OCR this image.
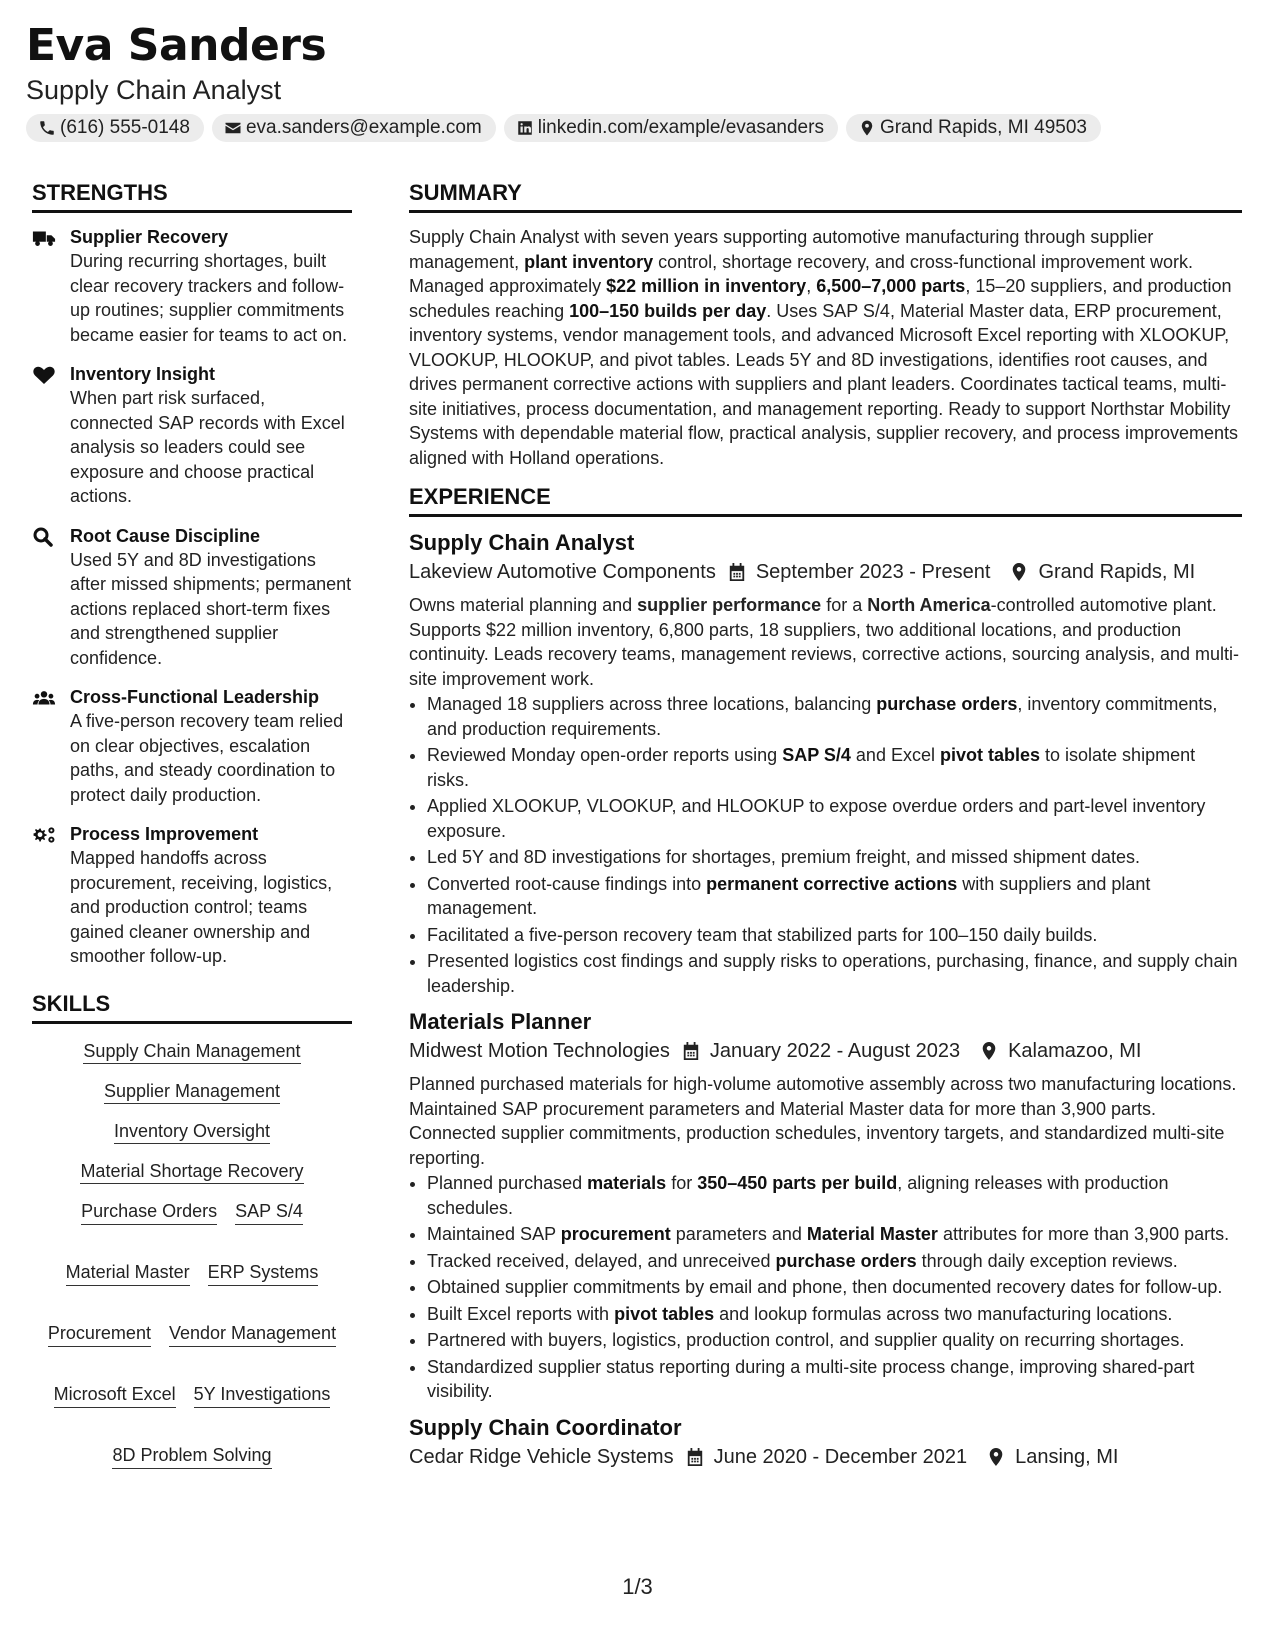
Eva Sanders
Supply Chain Analyst
(616) 555-0148	eva.sanders@example.com	linkedin.com/example/evasanders	Grand Rapids, MI 49503
STRENGTHS
Supplier Recovery
During recurring shortages, built clear recovery trackers and follow-up routines; supplier commitments became easier for teams to act on.
Inventory Insight
When part risk surfaced, connected SAP records with Excel analysis so leaders could see exposure and choose practical actions.
Root Cause Discipline
Used 5Y and 8D investigations after missed shipments; permanent actions replaced short-term fixes and strengthened supplier confidence.
Cross-Functional Leadership
A five-person recovery team relied on clear objectives, escalation paths, and steady coordination to protect daily production.
Process Improvement
Mapped handoffs across procurement, receiving, logistics, and production control; teams gained cleaner ownership and smoother follow-up.
SKILLS
Supply Chain Management
Supplier Management
Inventory Oversight
Material Shortage Recovery
Purchase Orders SAP S/4
Material Master ERP Systems
Procurement Vendor Management
Microsoft Excel 5Y Investigations
8D Problem Solving
SUMMARY

Supply Chain Analyst with seven years supporting automotive manufacturing through supplier management, plant inventory control, shortage recovery, and cross-functional improvement work. Managed approximately $22 million in inventory, 6,500–7,000 parts, 15–20 suppliers, and production schedules reaching 100–150 builds per day. Uses SAP S/4, Material Master data, ERP procurement, inventory systems, vendor management tools, and advanced Microsoft Excel reporting with XLOOKUP, VLOOKUP, HLOOKUP, and pivot tables. Leads 5Y and 8D investigations, identifies root causes, and drives permanent corrective actions with suppliers and plant leaders. Coordinates tactical teams, multi-site initiatives, process documentation, and management reporting. Ready to support Northstar Mobility Systems with dependable material flow, practical analysis, supplier recovery, and process improvements aligned with Holland operations.

EXPERIENCE
Supply Chain Analyst
Lakeview Automotive Components September 2023 - Present Grand Rapids, MI

Owns material planning and supplier performance for a North America-controlled automotive plant. Supports $22 million inventory, 6,800 parts, 18 suppliers, two additional locations, and production continuity. Leads recovery teams, management reviews, corrective actions, sourcing analysis, and multi-site improvement work.

• Managed 18 suppliers across three locations, balancing purchase orders, inventory commitments, and production requirements.
• Reviewed Monday open-order reports using SAP S/4 and Excel pivot tables to isolate shipment risks.
• Applied XLOOKUP, VLOOKUP, and HLOOKUP to expose overdue orders and part-level inventory exposure.
• Led 5Y and 8D investigations for shortages, premium freight, and missed shipment dates.
• Converted root-cause findings into permanent corrective actions with suppliers and plant management.
• Facilitated a five-person recovery team that stabilized parts for 100–150 daily builds.
• Presented logistics cost findings and supply risks to operations, purchasing, finance, and supply chain leadership.
Materials Planner
Midwest Motion Technologies January 2022 - August 2023 Kalamazoo, MI

Planned purchased materials for high-volume automotive assembly across two manufacturing locations. Maintained SAP procurement parameters and Material Master data for more than 3,900 parts. Connected supplier commitments, production schedules, inventory targets, and standardized multi-site reporting.

• Planned purchased materials for 350–450 parts per build, aligning releases with production schedules.
• Maintained SAP procurement parameters and Material Master attributes for more than 3,900 parts.
• Tracked received, delayed, and unreceived purchase orders through daily exception reviews.
• Obtained supplier commitments by email and phone, then documented recovery dates for follow-up.
• Built Excel reports with pivot tables and lookup formulas across two manufacturing locations.
• Partnered with buyers, logistics, production control, and supplier quality on recurring shortages.
• Standardized supplier status reporting during a multi-site process change, improving shared-part visibility.
Supply Chain Coordinator
Cedar Ridge Vehicle Systems June 2020 - December 2021 Lansing, MI
1/3
